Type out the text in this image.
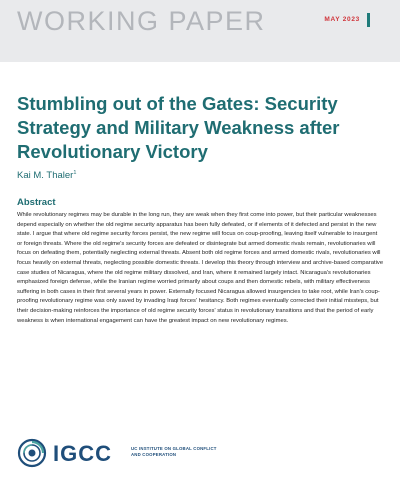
WORKING PAPER	MAY 2023
Stumbling out of the Gates: Security Strategy and Military Weakness after Revolutionary Victory
Kai M. Thaler$^1$
Abstract

While revolutionary regimes may be durable in the long run, they are weak when they first come into power, but their particular weaknesses depend especially on whether the old regime security apparatus has been fully defeated, or if elements of it defected and persist in the new state. I argue that where old regime security forces persist, the new regime will focus on coup-proofing, leaving itself vulnerable to insurgent or foreign threats. Where the old regime's security forces are defeated or disintegrate but armed domestic rivals remain, revolutionaries will focus on defeating them, potentially neglecting external threats. Absent both old regime forces and armed domestic rivals, revolutionaries will focus heavily on external threats, neglecting possible domestic threats. I develop this theory through interview and archive-based comparative case studies of Nicaragua, where the old regime military dissolved, and Iran, where it remained largely intact. Nicaragua's revolutionaries emphasized foreign defense, while the Iranian regime worried primarily about coups and then domestic rebels, with military effectiveness suffering in both cases in their first several years in power. Externally focused Nicaragua allowed insurgencies to take root, while Iran's coup-proofing revolutionary regime was only saved by invading Iraqi forces' hesitancy. Both regimes eventually corrected their initial missteps, but their decision-making reinforces the importance of old regime security forces' status in revolutionary transitions and that the period of early weakness is when international engagement can have the greatest impact on new revolutionary regimes.

IGCC	UC INSTITUTE ON GLOBAL CONFLICT AND COOPERATION
